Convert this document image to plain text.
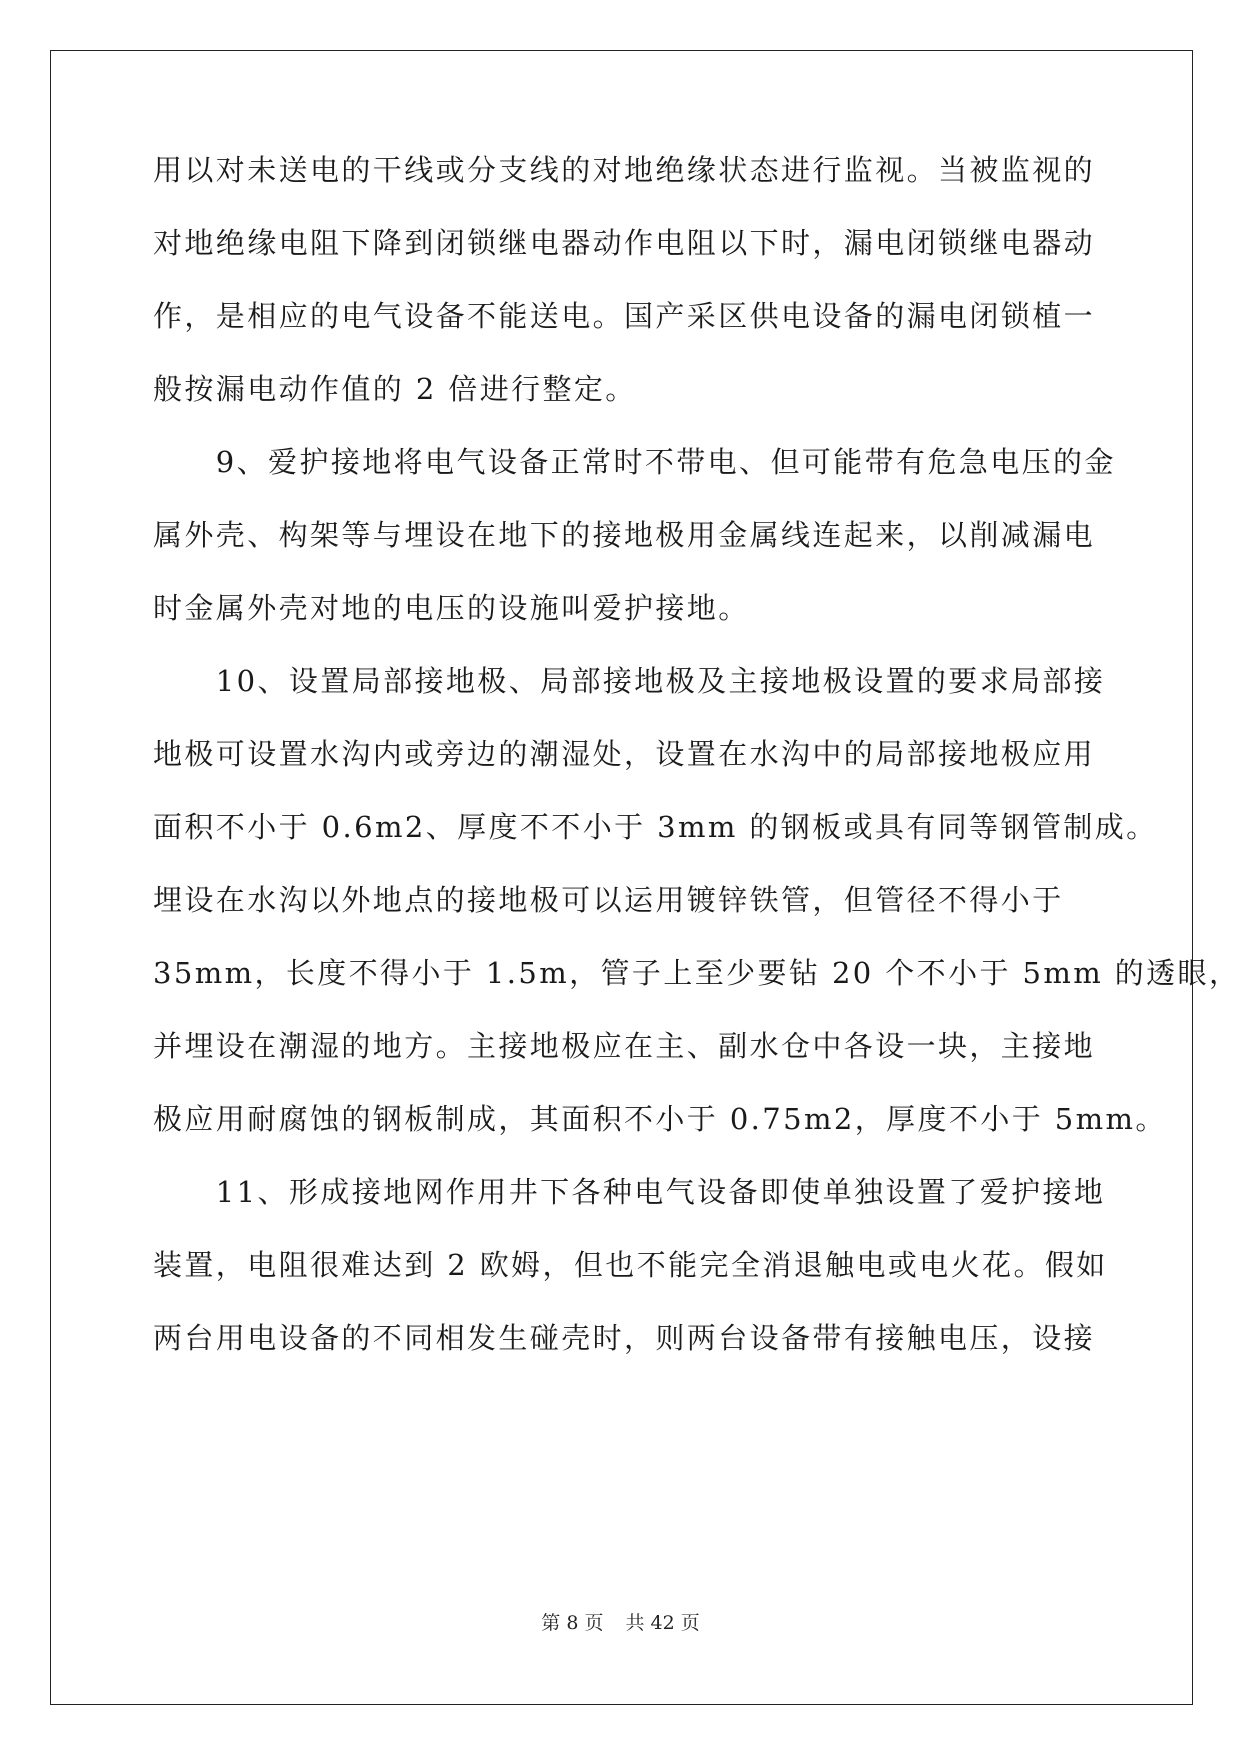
用以对未送电的干线或分支线的对地绝缘状态进行监视。当被监视的
对地绝缘电阻下降到闭锁继电器动作电阻以下时，漏电闭锁继电器动
作，是相应的电气设备不能送电。国产采区供电设备的漏电闭锁植一
般按漏电动作值的 2 倍进行整定。
　　9、爱护接地将电气设备正常时不带电、但可能带有危急电压的金
属外壳、构架等与埋设在地下的接地极用金属线连起来，以削减漏电
时金属外壳对地的电压的设施叫爱护接地。
　　10、设置局部接地极、局部接地极及主接地极设置的要求局部接
地极可设置水沟内或旁边的潮湿处，设置在水沟中的局部接地极应用
面积不小于 0.6m2、厚度不不小于 3mm 的钢板或具有同等钢管制成。
埋设在水沟以外地点的接地极可以运用镀锌铁管，但管径不得小于
35mm，长度不得小于 1.5m，管子上至少要钻 20 个不小于 5mm 的透眼，
并埋设在潮湿的地方。主接地极应在主、副水仓中各设一块，主接地
极应用耐腐蚀的钢板制成，其面积不小于 0.75m2，厚度不小于 5mm。
　　11、形成接地网作用井下各种电气设备即使单独设置了爱护接地
装置，电阻很难达到 2 欧姆，但也不能完全消退触电或电火花。假如
两台用电设备的不同相发生碰壳时，则两台设备带有接触电压，设接
第 8 页 共 42 页
